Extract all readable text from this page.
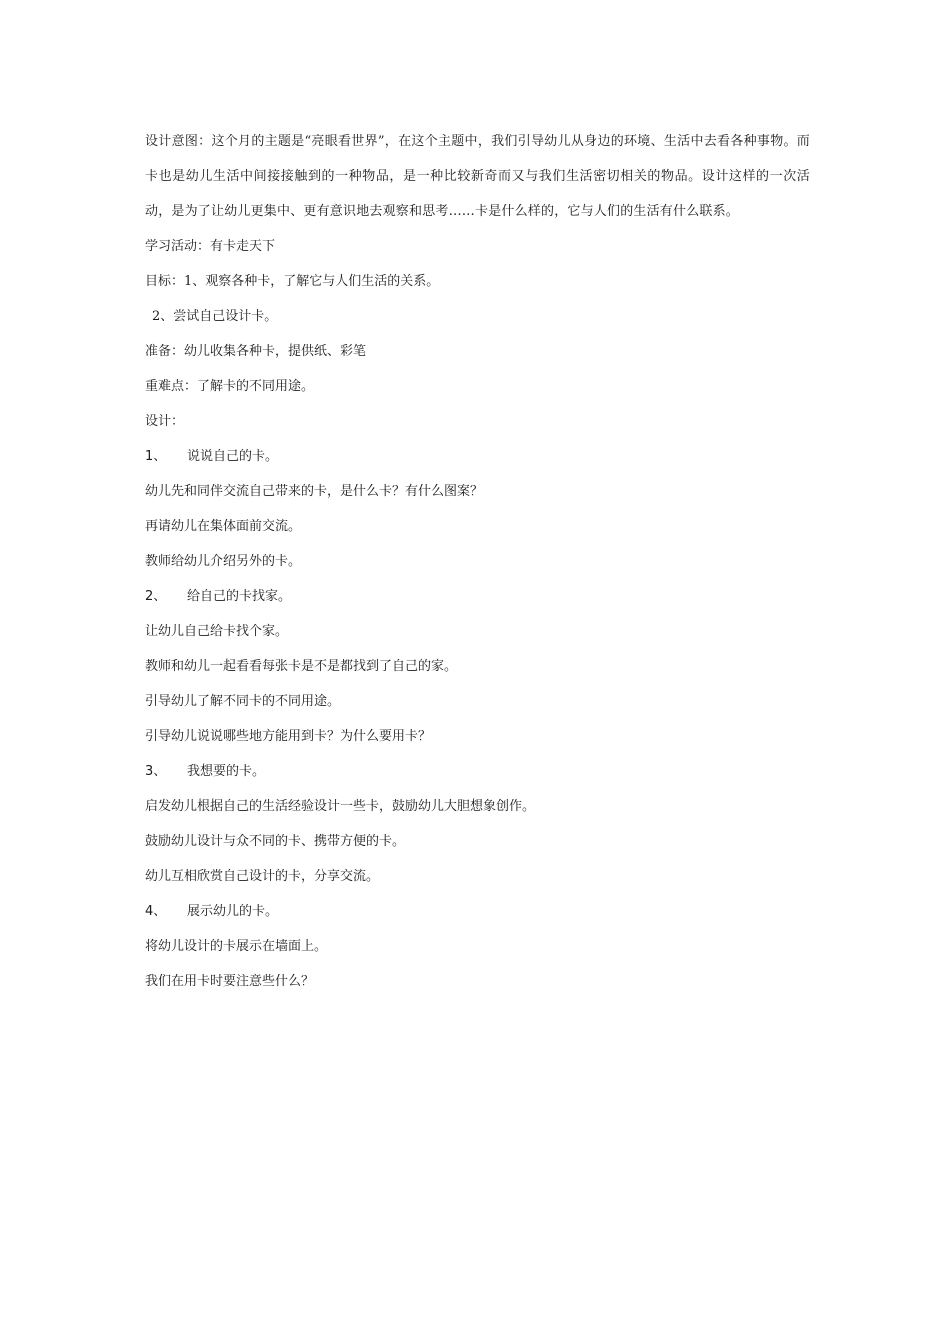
设计意图：这个月的主题是“亮眼看世界”，在这个主题中，我们引导幼儿从身边的环境、生活中去看各种事物。而卡也是幼儿生活中间接接触到的一种物品，是一种比较新奇而又与我们生活密切相关的物品。设计这样的一次活动，是为了让幼儿更集中、更有意识地去观察和思考……卡是什么样的，它与人们的生活有什么联系。

学习活动：有卡走天下

目标：1、观察各种卡，了解它与人们生活的关系。

2、尝试自己设计卡。

准备：幼儿收集各种卡，提供纸、彩笔

重难点：了解卡的不同用途。

设计：

1、 说说自己的卡。

幼儿先和同伴交流自己带来的卡，是什么卡？有什么图案？

再请幼儿在集体面前交流。

教师给幼儿介绍另外的卡。

2、 给自己的卡找家。

让幼儿自己给卡找个家。

教师和幼儿一起看看每张卡是不是都找到了自己的家。

引导幼儿了解不同卡的不同用途。

引导幼儿说说哪些地方能用到卡？为什么要用卡？

3、 我想要的卡。

启发幼儿根据自己的生活经验设计一些卡，鼓励幼儿大胆想象创作。

鼓励幼儿设计与众不同的卡、携带方便的卡。

幼儿互相欣赏自己设计的卡，分享交流。

4、 展示幼儿的卡。

将幼儿设计的卡展示在墙面上。

我们在用卡时要注意些什么？
